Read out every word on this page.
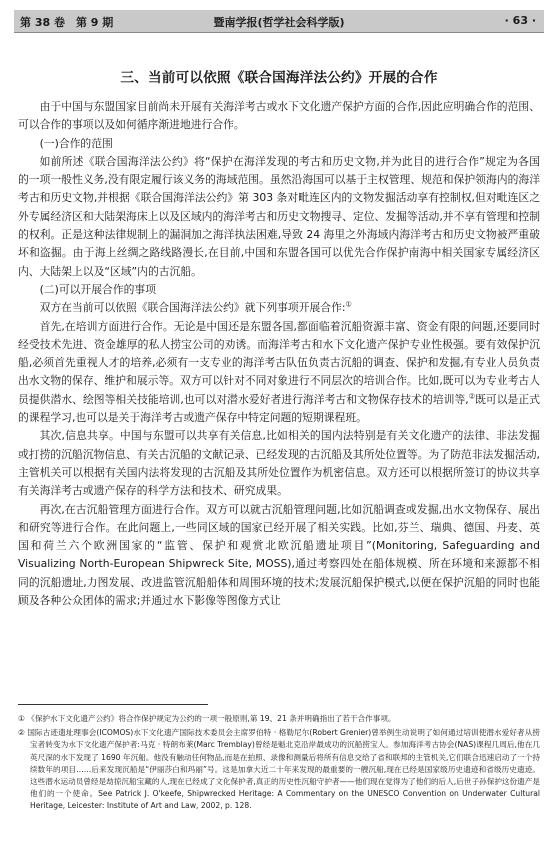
第 38 卷　第 9 期	暨南学报(哲学社会科学版)	· 63 ·
三、当前可以依照《联合国海洋法公约》开展的合作

由于中国与东盟国家目前尚未开展有关海洋考古或水下文化遗产保护方面的合作,因此应明确合作的范围、可以合作的事项以及如何循序渐进地进行合作。

(一)合作的范围

如前所述《联合国海洋法公约》将“保护在海洋发现的考古和历史文物,并为此目的进行合作”规定为各国的一项一般性义务,没有限定履行该义务的海域范围。虽然沿海国可以基于主权管理、规范和保护领海内的海洋考古和历史文物,并根据《联合国海洋法公约》第 303 条对毗连区内的文物发掘活动享有控制权,但对毗连区之外专属经济区和大陆架海床上以及区域内的海洋考古和历史文物搜寻、定位、发掘等活动,并不享有管理和控制的权利。正是这种法律规制上的漏洞加之海洋执法困难,导致 24 海里之外海域内海洋考古和历史文物被严重破坏和盗掘。由于海上丝绸之路线路漫长,在目前,中国和东盟各国可以优先合作保护南海中相关国家专属经济区内、大陆架上以及“区域”内的古沉船。

(二)可以开展合作的事项

双方在当前可以依照《联合国海洋法公约》就下列事项开展合作:①

首先,在培训方面进行合作。无论是中国还是东盟各国,都面临着沉船资源丰富、资金有限的问题,还要同时经受技术先进、资金雄厚的私人捞宝公司的劝诱。而海洋考古和水下文化遗产保护专业性极强。要有效保护沉船,必须首先重视人才的培养,必须有一支专业的海洋考古队伍负责古沉船的调查、保护和发掘,有专业人员负责出水文物的保存、维护和展示等。双方可以针对不同对象进行不同层次的培训合作。比如,既可以为专业考古人员提供潜水、绘图等相关技能培训,也可以对潜水爱好者进行海洋考古和文物保存技术的培训等,②既可以是正式的课程学习,也可以是关于海洋考古或遗产保存中特定问题的短期课程班。

其次,信息共享。中国与东盟可以共享有关信息,比如相关的国内法特别是有关文化遗产的法律、非法发掘或打捞的沉船沉物信息、有关古沉船的文献记录、已经发现的古沉船及其所处位置等。为了防范非法发掘活动,主管机关可以根据有关国内法将发现的古沉船及其所处位置作为机密信息。双方还可以根据所签订的协议共享有关海洋考古或遗产保存的科学方法和技术、研究成果。

再次,在古沉船管理方面进行合作。双方可以就古沉船管理问题,比如沉船调查或发掘,出水文物保存、展出和研究等进行合作。在此问题上,一些同区域的国家已经开展了相关实践。比如,芬兰、瑞典、德国、丹麦、英国和荷兰六个欧洲国家的“监管、保护和观赏北欧沉船遗址项目”(Monitoring, Safeguarding and Visualizing North-European Shipwreck Site, MOSS),通过考察四处在船体规模、所在环境和来源都不相同的沉船遗址,力图发展、改进监管沉船船体和周围环境的技术;发展沉船保护模式,以便在保护沉船的同时也能顾及各种公众团体的需求;并通过水下影像等图像方式让

① 《保护水下文化遗产公约》将合作保护规定为公约的一项一般原则,第 19、21 条并明确指出了若干合作事项。

② 国际古迹遗址理事会(ICOMOS)水下文化遗产国际技术委员会主席罗伯特 · 格勒尼尔(Robert Grenier)曾举例生动说明了如何通过培训使潜水爱好者从捞宝者转变为水下文化遗产保护者:马克 · 特朗布莱(Marc Tremblay)曾经是魁北克沿岸最成功的沉船捞宝人。参加海洋考古协会(NAS)课程几周后,他在几英尺深的水下发现了 1690 年沉船。他没有触动任何物品,而是在拍照、录像和测量后将所有信息交给了省和联邦的主管机关,它们联合迅速启动了一个持续数年的项目……后来发现沉船是“伊丽莎白和玛丽”号。这是加拿大近二十年来发现的最重要的一艘沉船,现在已经是国家级历史遗迹和省级历史遗迹。这些潜水运动员曾经是劫掠沉船宝藏的人,现在已经成了文化保护者,真正的历史性沉船守护者——他们现在觉得为了他们的后人,后世子孙保护这份遗产是他们的一个使命。See Patrick J. O'keefe, Shipwrecked Heritage: A Commentary on the UNESCO Convention on Underwater Cultural Heritage, Leicester: Institute of Art and Law, 2002, p. 128.
